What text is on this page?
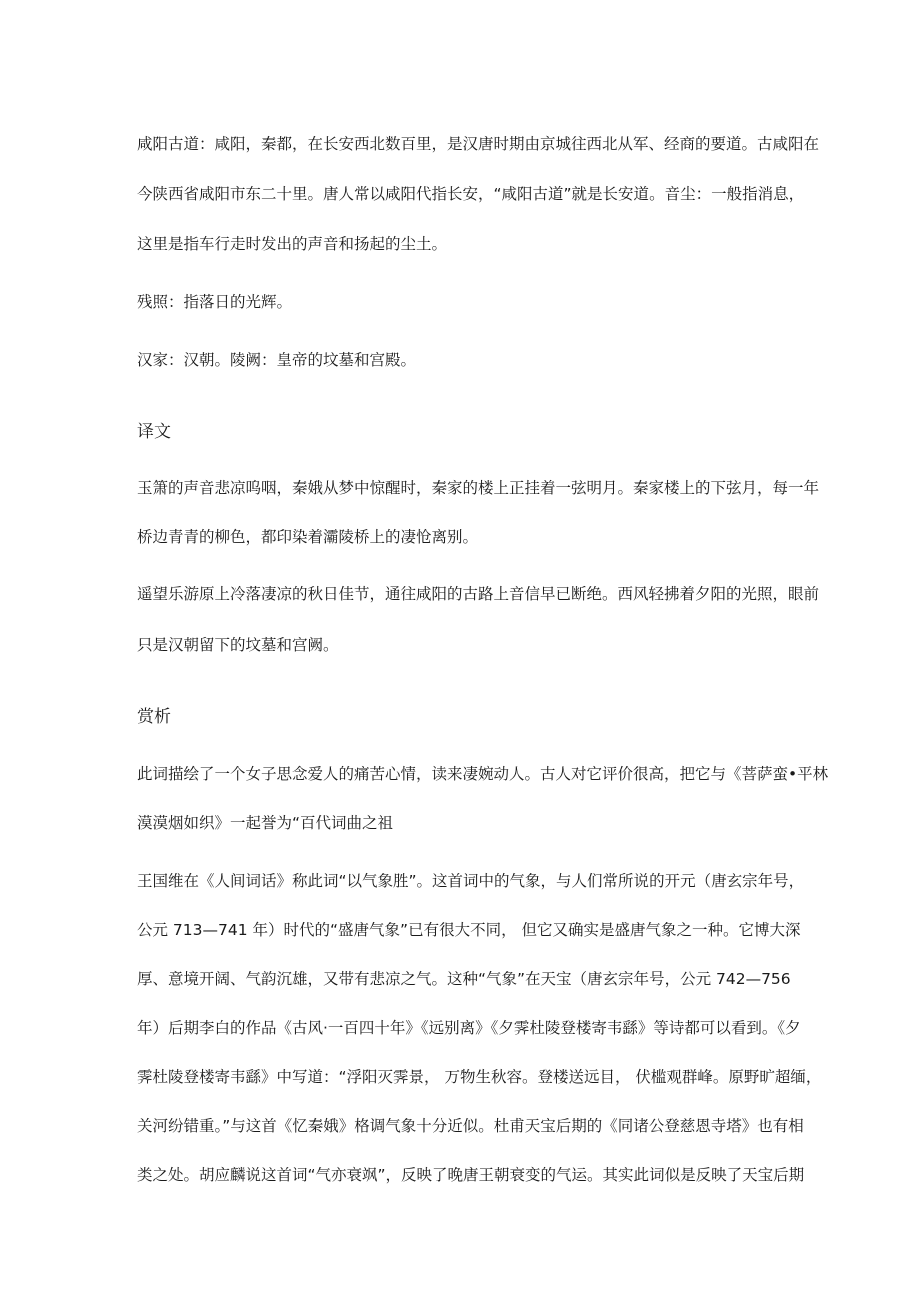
咸阳古道：咸阳，秦都，在长安西北数百里，是汉唐时期由京城往西北从军、经商的要道。古咸阳在
今陕西省咸阳市东二十里。唐人常以咸阳代指长安，“咸阳古道”就是长安道。音尘：一般指消息，
这里是指车行走时发出的声音和扬起的尘土。
残照：指落日的光辉。
汉家：汉朝。陵阙：皇帝的坟墓和宫殿。
译文
玉箫的声音悲凉呜咽，秦娥从梦中惊醒时，秦家的楼上正挂着一弦明月。秦家楼上的下弦月，每一年
桥边青青的柳色，都印染着灞陵桥上的凄怆离别。
遥望乐游原上冷落凄凉的秋日佳节，通往咸阳的古路上音信早已断绝。西风轻拂着夕阳的光照，眼前
只是汉朝留下的坟墓和宫阙。
赏析
此词描绘了一个女子思念爱人的痛苦心情，读来凄婉动人。古人对它评价很高，把它与《菩萨蛮•平林
漠漠烟如织》一起誉为“百代词曲之祖
王国维在《人间词话》称此词“以气象胜”。这首词中的气象，与人们常所说的开元（唐玄宗年号，
公元 713—741 年）时代的“盛唐气象”已有很大不同， 但它又确实是盛唐气象之一种。它博大深
厚、意境开阔、气韵沉雄，又带有悲凉之气。这种“气象”在天宝（唐玄宗年号，公元 742—756
年）后期李白的作品《古风·一百四十年》《远别离》《夕霁杜陵登楼寄韦繇》等诗都可以看到。《夕
霁杜陵登楼寄韦繇》中写道：“浮阳灭霁景， 万物生秋容。登楼送远目， 伏槛观群峰。原野旷超缅，
关河纷错重。”与这首《忆秦娥》格调气象十分近似。杜甫天宝后期的《同诸公登慈恩寺塔》也有相
类之处。胡应麟说这首词“气亦衰飒”，反映了晚唐王朝衰变的气运。其实此词似是反映了天宝后期
